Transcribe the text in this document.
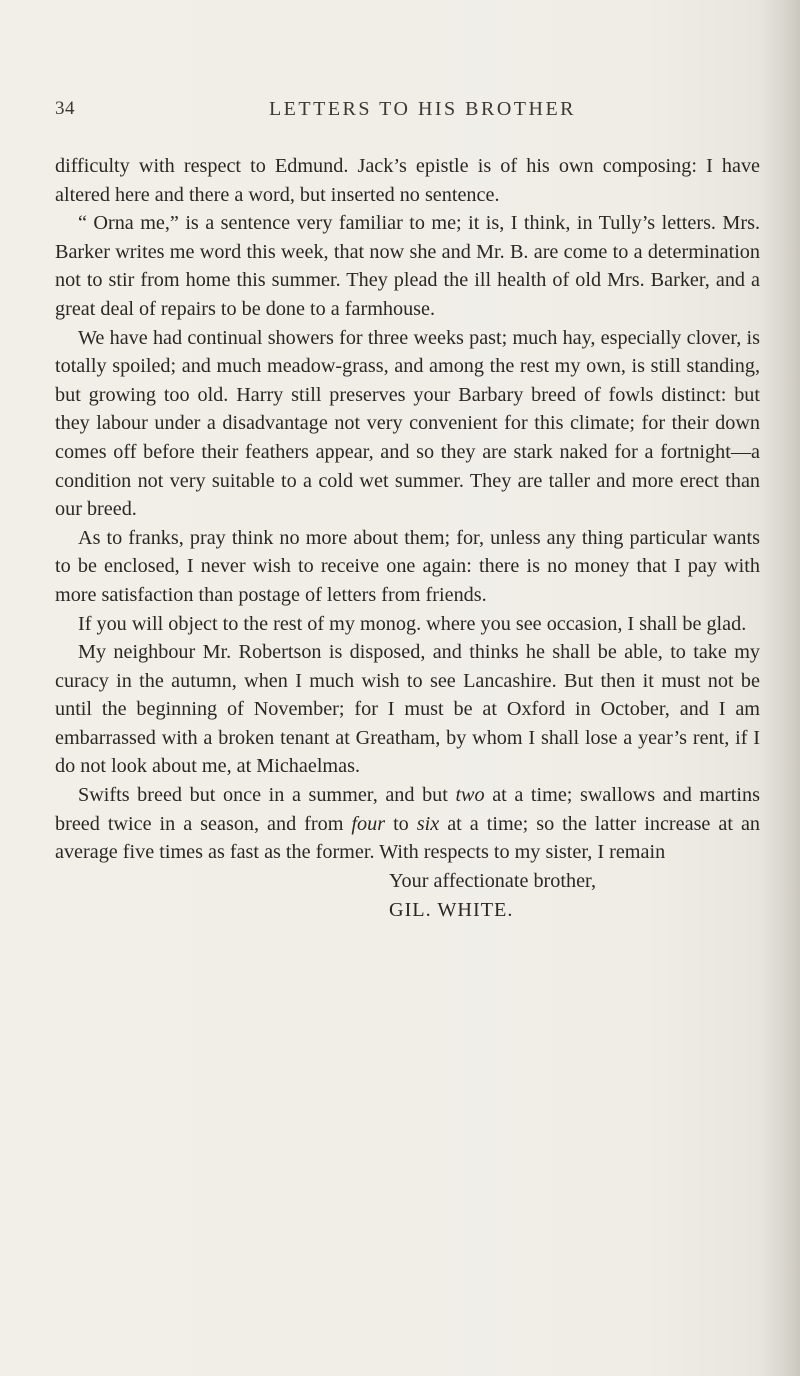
34	LETTERS TO HIS BROTHER

difficulty with respect to Edmund. Jack’s epistle is of his own composing: I have altered here and there a word, but inserted no sentence.

“ Orna me,” is a sentence very familiar to me; it is, I think, in Tully’s letters. Mrs. Barker writes me word this week, that now she and Mr. B. are come to a determination not to stir from home this summer. They plead the ill health of old Mrs. Barker, and a great deal of repairs to be done to a farmhouse.

We have had continual showers for three weeks past; much hay, especially clover, is totally spoiled; and much meadow-grass, and among the rest my own, is still standing, but growing too old. Harry still preserves your Barbary breed of fowls distinct: but they labour under a disadvantage not very convenient for this climate; for their down comes off before their feathers appear, and so they are stark naked for a fortnight—a condition not very suitable to a cold wet summer. They are taller and more erect than our breed.

As to franks, pray think no more about them; for, unless any thing particular wants to be enclosed, I never wish to receive one again: there is no money that I pay with more satisfaction than postage of letters from friends.

If you will object to the rest of my monog. where you see occasion, I shall be glad.

My neighbour Mr. Robertson is disposed, and thinks he shall be able, to take my curacy in the autumn, when I much wish to see Lancashire. But then it must not be until the beginning of November; for I must be at Oxford in October, and I am embarrassed with a broken tenant at Greatham, by whom I shall lose a year’s rent, if I do not look about me, at Michaelmas.

Swifts breed but once in a summer, and but two at a time; swallows and martins breed twice in a season, and from four to six at a time; so the latter increase at an average five times as fast as the former. With respects to my sister, I remain

Your affectionate brother,
GIL. WHITE.
